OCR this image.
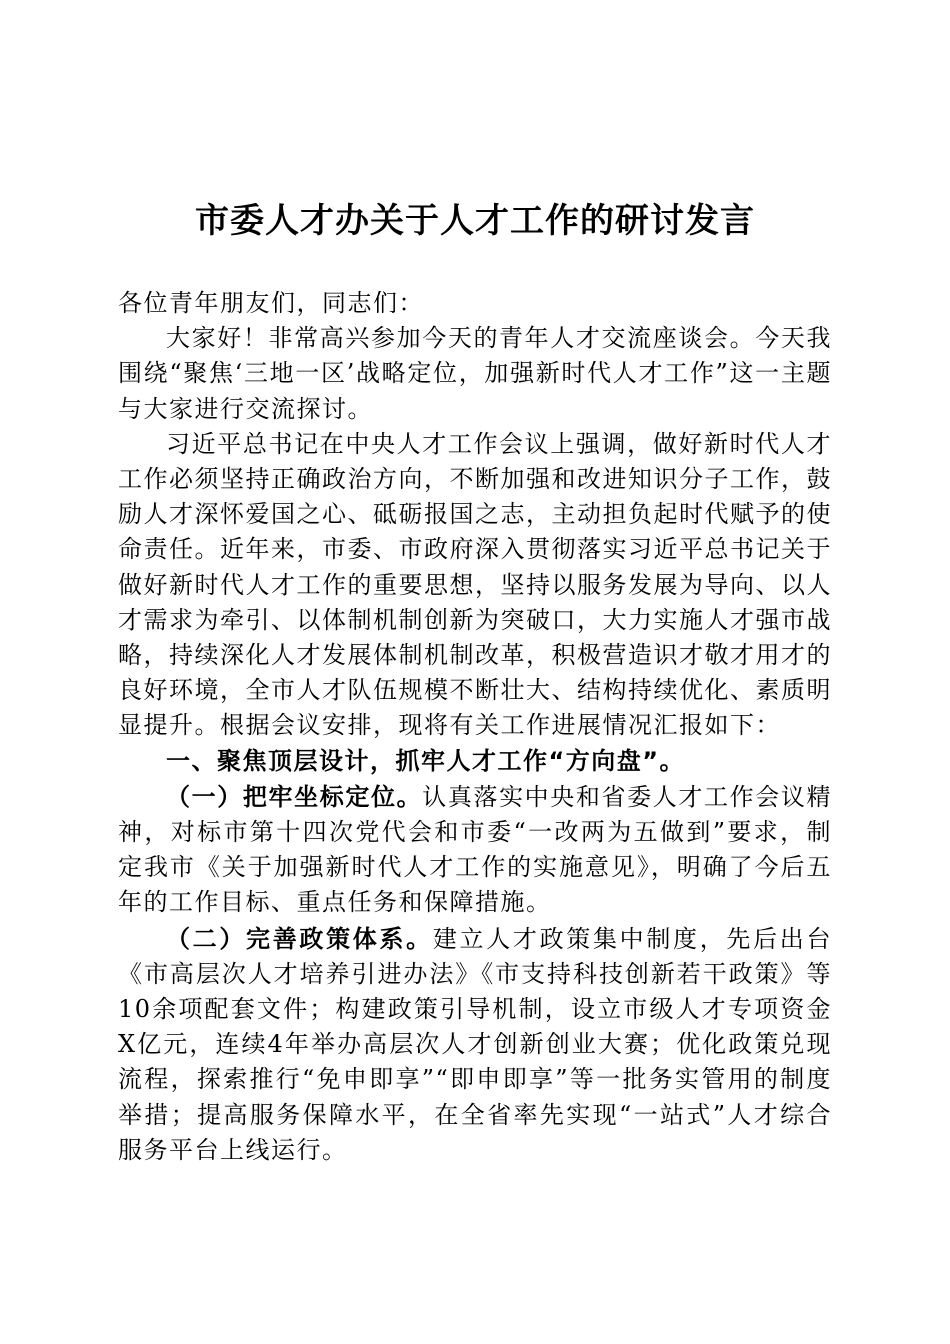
市委人才办关于人才工作的研讨发言

各位青年朋友们，同志们：

大家好！非常高兴参加今天的青年人才交流座谈会。今天我围绕“聚焦‘三地一区’战略定位，加强新时代人才工作”这一主题与大家进行交流探讨。

习近平总书记在中央人才工作会议上强调，做好新时代人才工作必须坚持正确政治方向，不断加强和改进知识分子工作，鼓励人才深怀爱国之心、砥砺报国之志，主动担负起时代赋予的使命责任。近年来，市委、市政府深入贯彻落实习近平总书记关于做好新时代人才工作的重要思想，坚持以服务发展为导向、以人才需求为牵引、以体制机制创新为突破口，大力实施人才强市战略，持续深化人才发展体制机制改革，积极营造识才敬才用才的良好环境，全市人才队伍规模不断壮大、结构持续优化、素质明显提升。根据会议安排，现将有关工作进展情况汇报如下：

一、聚焦顶层设计，抓牢人才工作“方向盘”。

（一）把牢坐标定位。认真落实中央和省委人才工作会议精神，对标市第十四次党代会和市委“一改两为五做到”要求，制定我市《关于加强新时代人才工作的实施意见》，明确了今后五年的工作目标、重点任务和保障措施。

（二）完善政策体系。建立人才政策集中制度，先后出台《市高层次人才培养引进办法》《市支持科技创新若干政策》等10余项配套文件；构建政策引导机制，设立市级人才专项资金X亿元，连续4年举办高层次人才创新创业大赛；优化政策兑现流程，探索推行“免申即享”“即申即享”等一批务实管用的制度举措；提高服务保障水平，在全省率先实现“一站式”人才综合服务平台上线运行。
